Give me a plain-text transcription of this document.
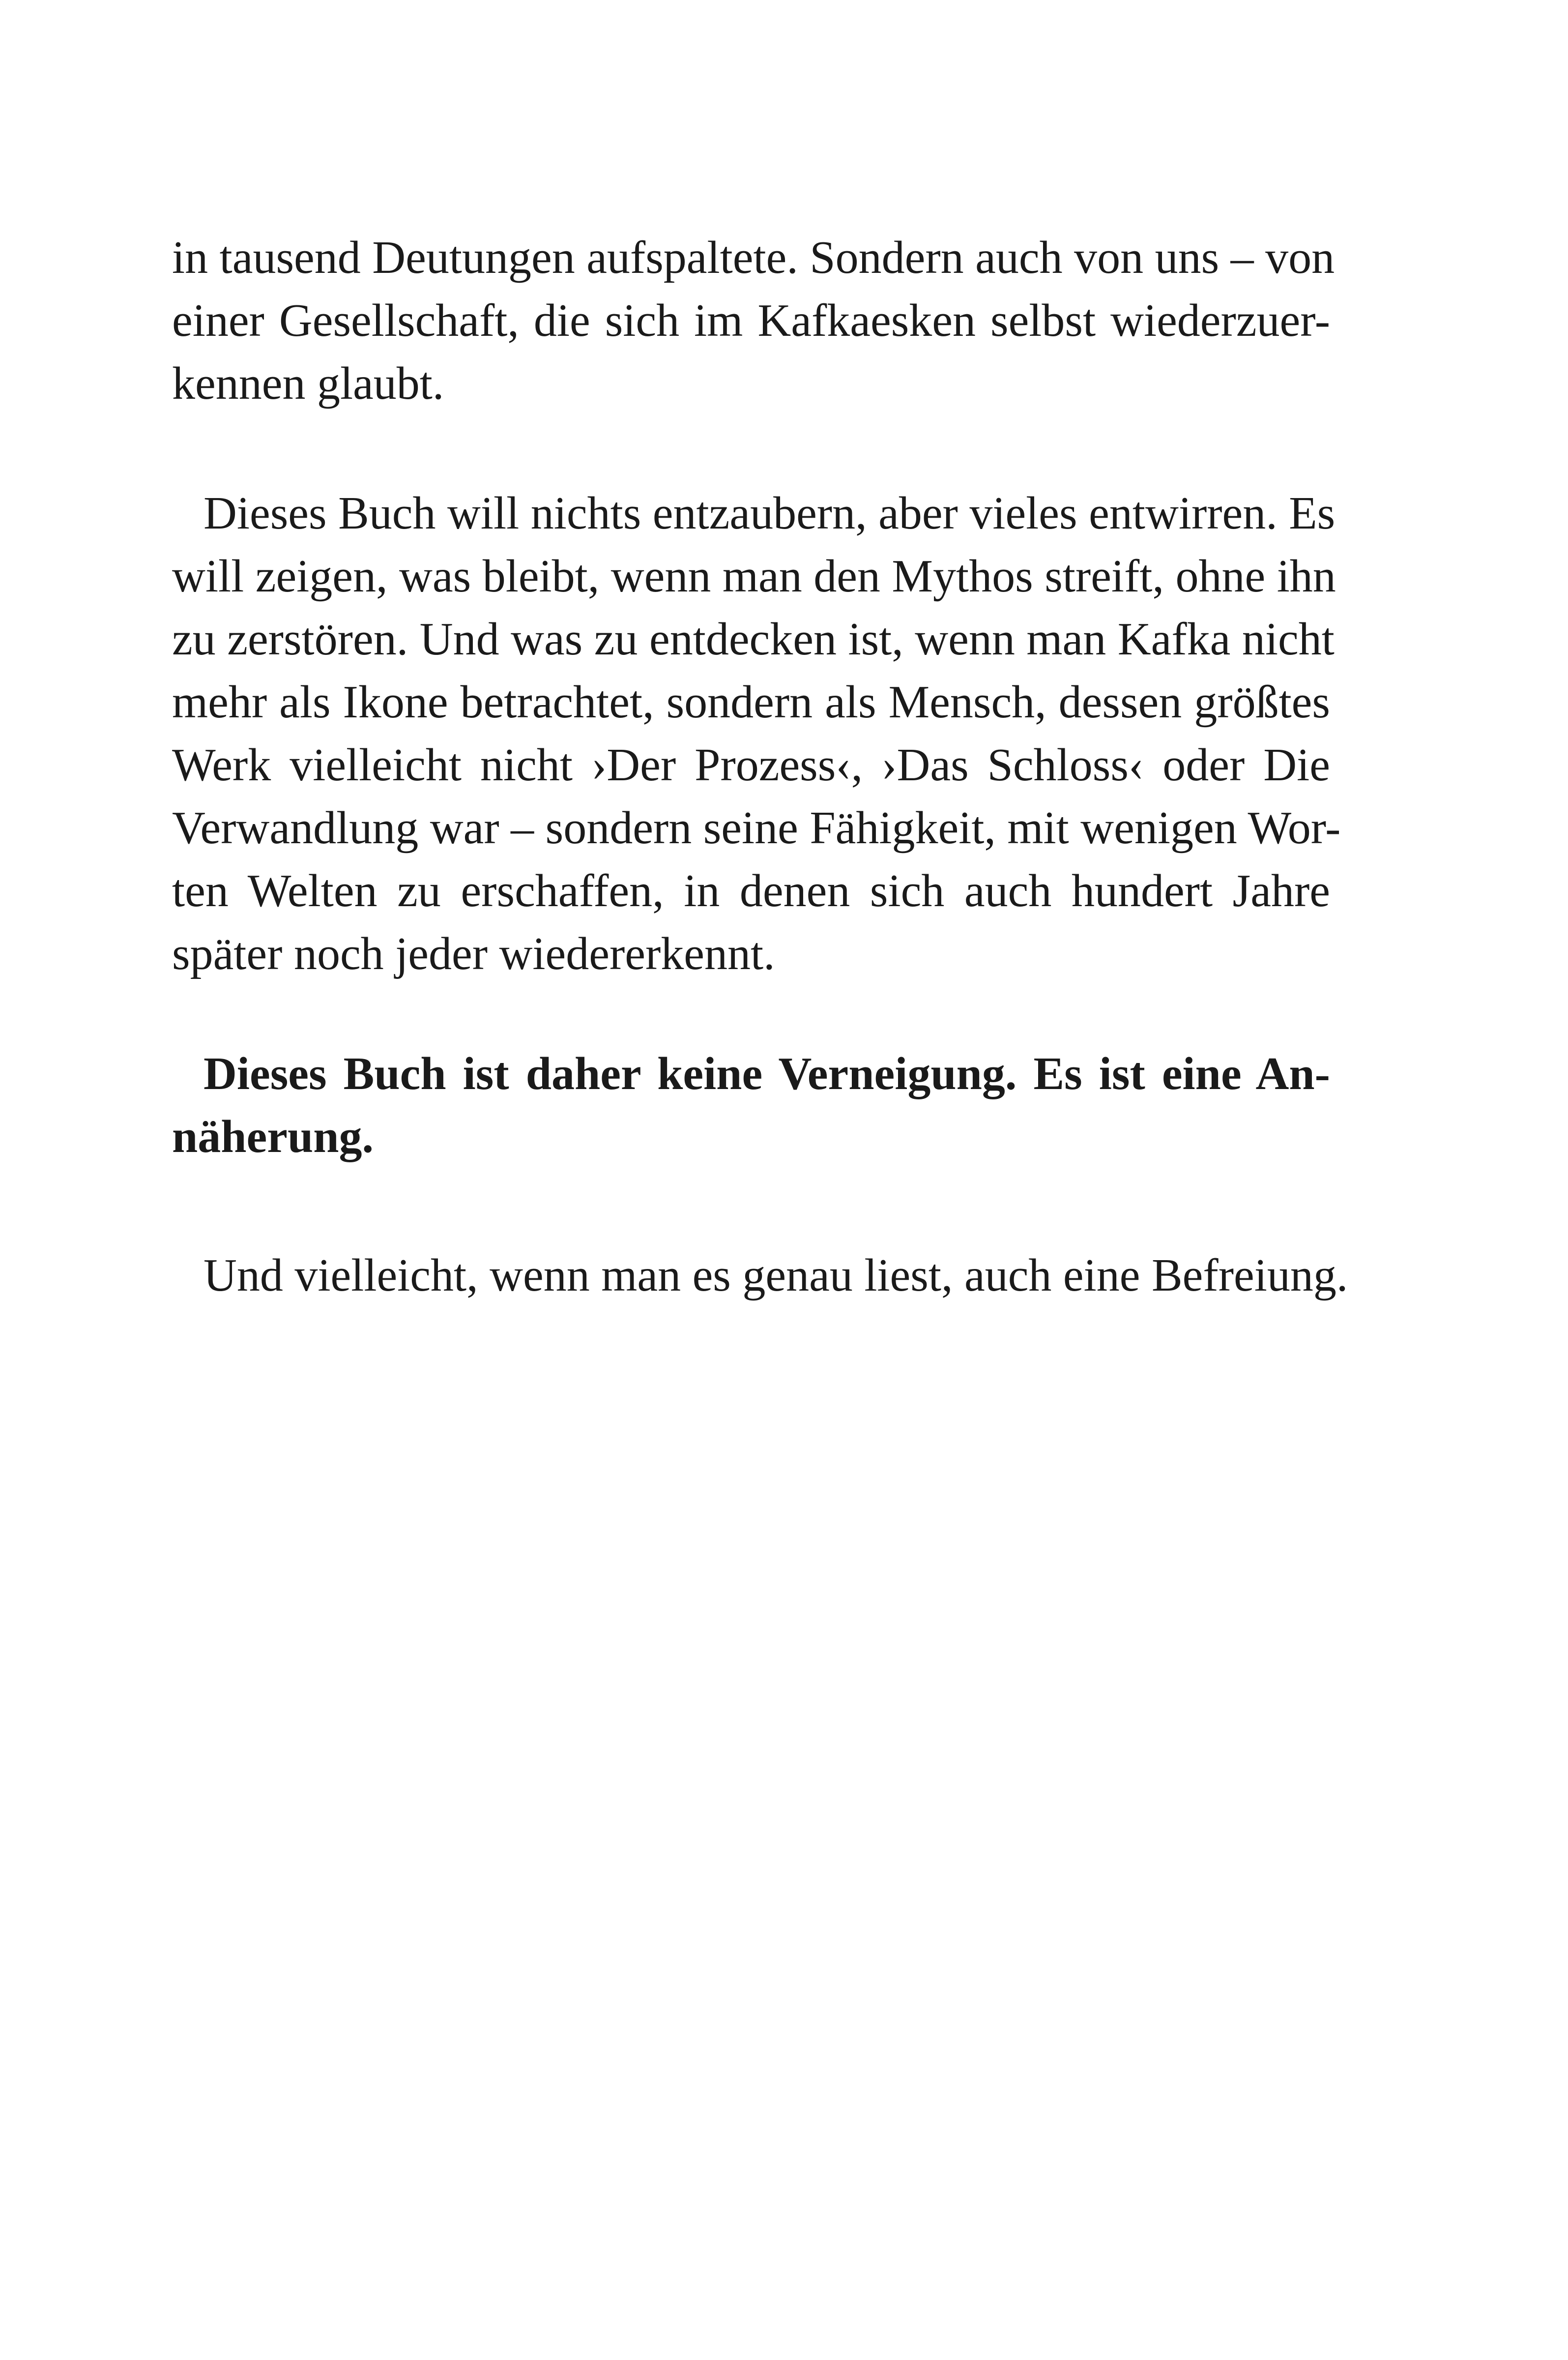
in tausend Deutungen aufspaltete. Sondern auch von uns – von
einer Gesellschaft, die sich im Kafkaesken selbst wiederzuer-
kennen glaubt.
Dieses Buch will nichts entzaubern, aber vieles entwirren. Es
will zeigen, was bleibt, wenn man den Mythos streift, ohne ihn
zu zerstören. Und was zu entdecken ist, wenn man Kafka nicht
mehr als Ikone betrachtet, sondern als Mensch, dessen größtes
Werk vielleicht nicht ›Der Prozess‹, ›Das Schloss‹ oder Die
Verwandlung war – sondern seine Fähigkeit, mit wenigen Wor-
ten Welten zu erschaffen, in denen sich auch hundert Jahre
später noch jeder wiedererkennt.
Dieses Buch ist daher keine Verneigung. Es ist eine An-
näherung.
Und vielleicht, wenn man es genau liest, auch eine Befreiung.
